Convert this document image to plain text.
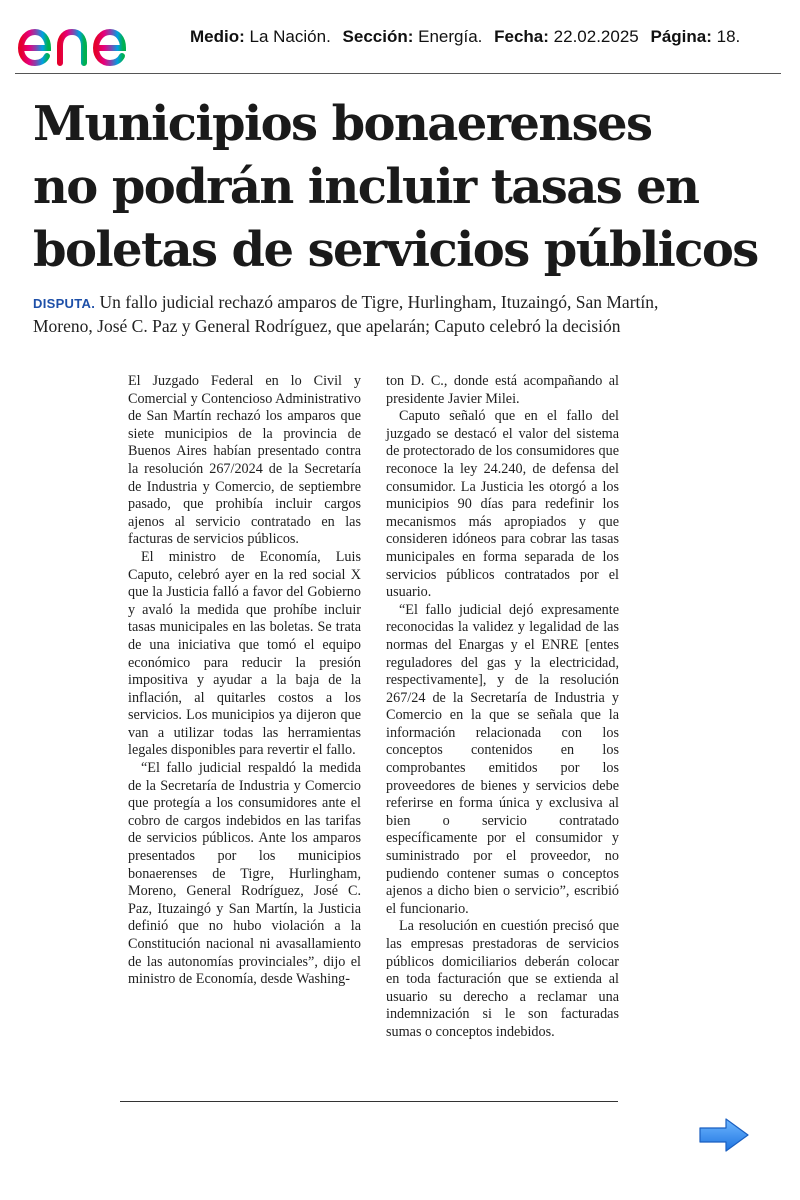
Medio: La Nación. Sección: Energía. Fecha: 22.02.2025 Página: 18.
Municipios bonaerenses
no podrán incluir tasas en
boletas de servicios públicos

DISPUTA. Un fallo judicial rechazó amparos de Tigre, Hurlingham, Ituzaingó, San Martín,
Moreno, José C. Paz y General Rodríguez, que apelarán; Caputo celebró la decisión

El Juzgado Federal en lo Civil y Comercial y Contencioso Administrativo de San Martín rechazó los amparos que siete municipios de la provincia de Buenos Aires habían presentado contra la resolución 267/2024 de la Secretaría de Industria y Comercio, de septiembre pasado, que prohibía incluir cargos ajenos al servicio contratado en las facturas de servicios públicos.

El ministro de Economía, Luis Caputo, celebró ayer en la red social X que la Justicia falló a favor del Gobierno y avaló la medida que prohíbe incluir tasas municipales en las boletas. Se trata de una iniciativa que tomó el equipo económico para reducir la presión impositiva y ayudar a la baja de la inflación, al quitarles costos a los servicios. Los municipios ya dijeron que van a utilizar todas las herramientas legales disponibles para revertir el fallo.

“El fallo judicial respaldó la medida de la Secretaría de Industria y Comercio que protegía a los consumidores ante el cobro de cargos indebidos en las tarifas de servicios públicos. Ante los amparos presentados por los municipios bonaerenses de Tigre, Hurlingham, Moreno, General Rodríguez, José C. Paz, Ituzaingó y San Martín, la Justicia definió que no hubo violación a la Constitución nacional ni avasallamiento de las autonomías provinciales”, dijo el ministro de Economía, desde Washing-

ton D. C., donde está acompañando al presidente Javier Milei.

Caputo señaló que en el fallo del juzgado se destacó el valor del sistema de protectorado de los consumidores que reconoce la ley 24.240, de defensa del consumidor. La Justicia les otorgó a los municipios 90 días para redefinir los mecanismos más apropiados y que consideren idóneos para cobrar las tasas municipales en forma separada de los servicios públicos contratados por el usuario.

“El fallo judicial dejó expresamente reconocidas la validez y legalidad de las normas del Enargas y el ENRE [entes reguladores del gas y la electricidad, respectivamente], y de la resolución 267/24 de la Secretaría de Industria y Comercio en la que se señala que la información relacionada con los conceptos contenidos en los comprobantes emitidos por los proveedores de bienes y servicios debe referirse en forma única y exclusiva al bien o servicio contratado específicamente por el consumidor y suministrado por el proveedor, no pudiendo contener sumas o conceptos ajenos a dicho bien o servicio”, escribió el funcionario.

La resolución en cuestión precisó que las empresas prestadoras de servicios públicos domiciliarios deberán colocar en toda facturación que se extienda al usuario su derecho a reclamar una indemnización si le son facturadas sumas o conceptos indebidos.
